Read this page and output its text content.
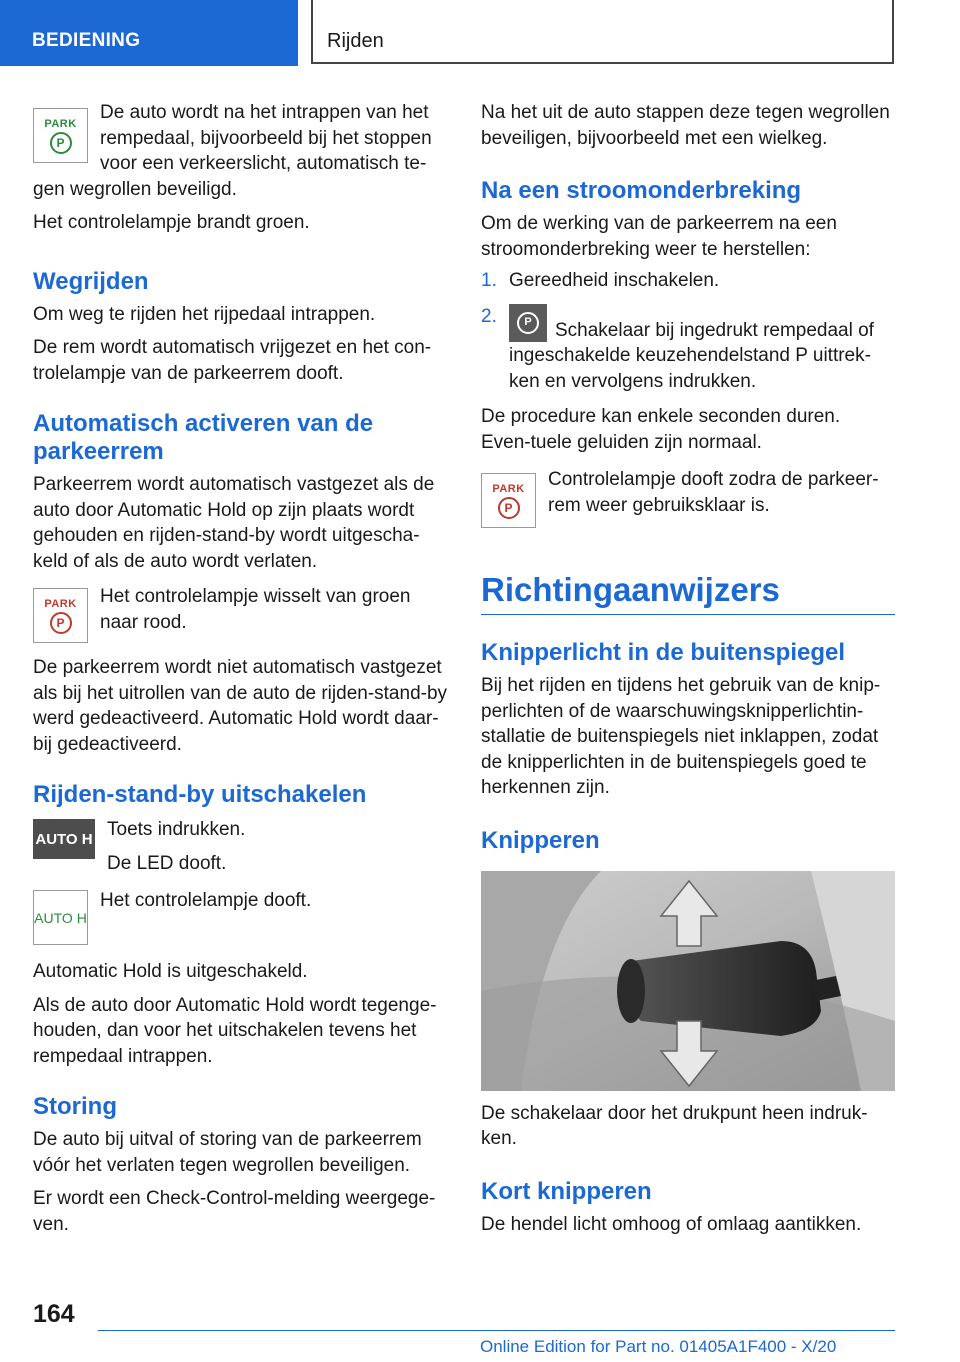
BEDIENING	Rijden
PARK
P

De auto wordt na het intrappen van het rempedaal, bijvoorbeeld bij het stoppen voor een verkeerslicht, automatisch te-gen wegrollen beveiligd.

Het controlelampje brandt groen.

Wegrijden

Om weg te rijden het rijpedaal intrappen.

De rem wordt automatisch vrijgezet en het con-trolelampje van de parkeerrem dooft.

Automatisch activeren van de parkeerrem

Parkeerrem wordt automatisch vastgezet als de auto door Automatic Hold op zijn plaats wordt gehouden en rijden-stand-by wordt uitgescha-keld of als de auto wordt verlaten.

PARK
P

Het controlelampje wisselt van groen naar rood.

De parkeerrem wordt niet automatisch vastgezet als bij het uitrollen van de auto de rijden-stand-by werd gedeactiveerd. Automatic Hold wordt daar-bij gedeactiveerd.

Rijden-stand-by uitschakelen
AUTO H Toets indrukken.

De LED dooft.

AUTO H

Het controlelampje dooft.

Automatic Hold is uitgeschakeld.

Als de auto door Automatic Hold wordt tegenge-houden, dan voor het uitschakelen tevens het rempedaal intrappen.

Storing

De auto bij uitval of storing van de parkeerrem vóór het verlaten tegen wegrollen beveiligen.

Er wordt een Check-Control-melding weergege-ven.

Na het uit de auto stappen deze tegen wegrollen beveiligen, bijvoorbeeld met een wielkeg.

Na een stroomonderbreking

Om de werking van de parkeerrem na een stroomonderbreking weer te herstellen:

1. Gereedheid inschakelen.
2.	P	Schakelaar bij ingedrukt rempedaal of ingeschakelde keuzehendelstand P uittrek-ken en vervolgens indrukken.

De procedure kan enkele seconden duren. Even-tuele geluiden zijn normaal.

PARK
P

Controlelampje dooft zodra de parkeer-rem weer gebruiksklaar is.

Richtingaanwijzers
Knipperlicht in de buitenspiegel

Bij het rijden en tijdens het gebruik van de knip-perlichten of de waarschuwingsknipperlichtin-stallatie de buitenspiegels niet inklappen, zodat de knipperlichten in de buitenspiegels goed te herkennen zijn.

Knipperen

De schakelaar door het drukpunt heen indruk-ken.

Kort knipperen

De hendel licht omhoog of omlaag aantikken.

164
Online Edition for Part no. 01405A1F400 - X/20
